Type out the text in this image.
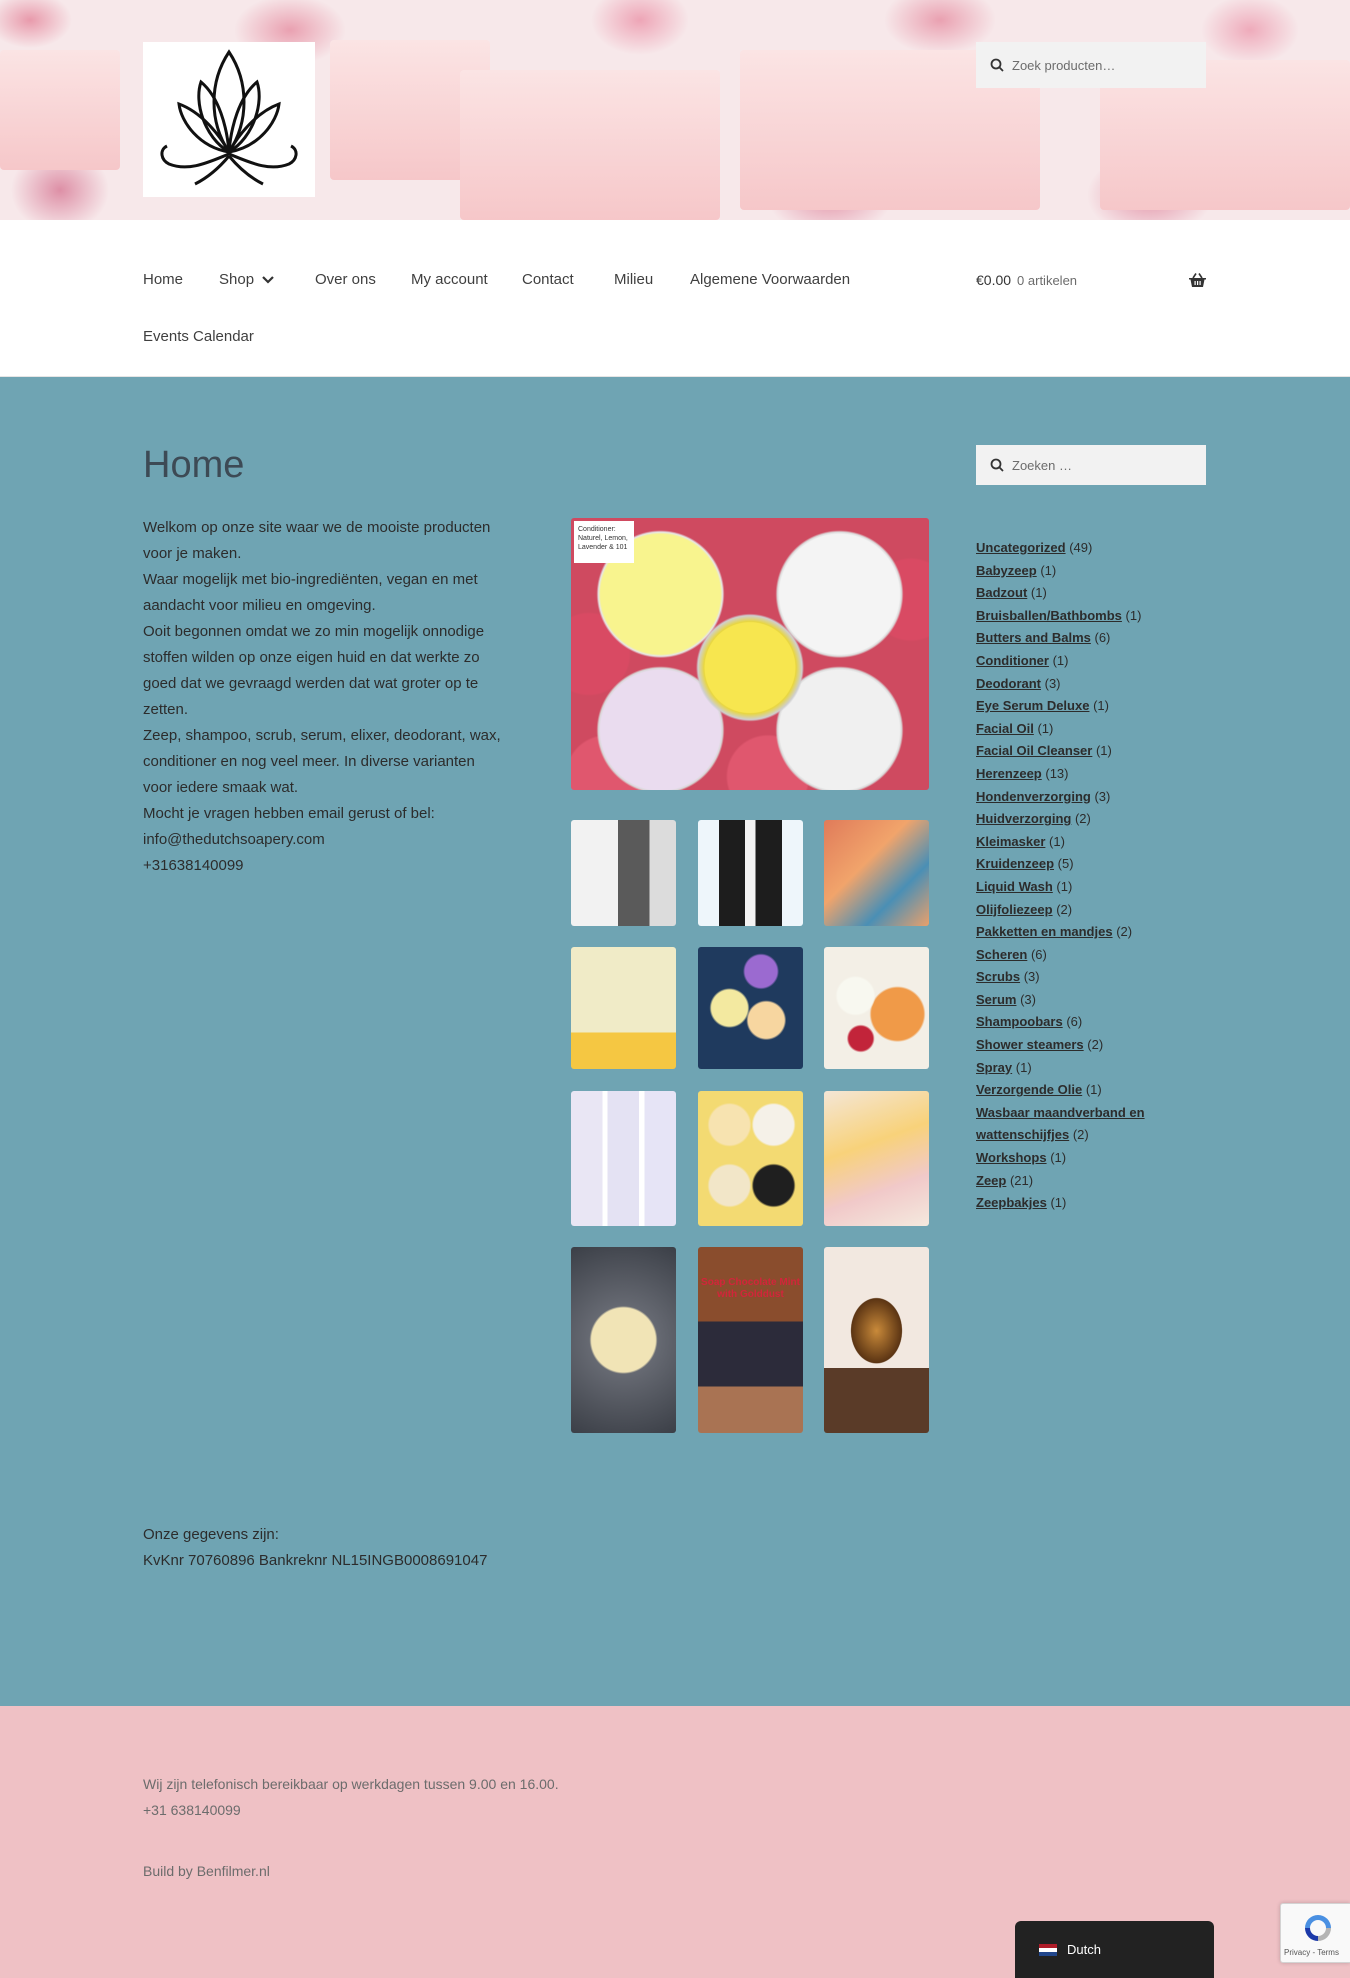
Zoek producten…
Home Shop	Over ons My account Contact	Milieu Algemene Voorwaarden
Events Calendar
€0.00 0 artikelen
Home

Welkom op onze site waar we de mooiste producten voor je maken.

Waar mogelijk met bio-ingrediënten, vegan en met aandacht voor milieu en omgeving.

Ooit begonnen omdat we zo min mogelijk onnodige stoffen wilden op onze eigen huid en dat werkte zo goed dat we gevraagd werden dat wat groter op te zetten.

Zeep, shampoo, scrub, serum, elixer, deodorant, wax, conditioner en nog veel meer. In diverse varianten voor iedere smaak wat.

Mocht je vragen hebben email gerust of bel:

info@thedutchsoapery.com

+31638140099

Conditioner: Naturel, Lemon, Lavender & 101
Soap Chocolate Mint with Golddust

Onze gegevens zijn:

KvKnr 70760896 Bankreknr NL15INGB0008691047

Zoeken …
Uncategorized (49)
Babyzeep (1)
Badzout (1)
Bruisballen/Bathbombs (1)
Butters and Balms (6)
Conditioner (1)
Deodorant (3)
Eye Serum Deluxe (1)
Facial Oil (1)
Facial Oil Cleanser (1)
Herenzeep (13)
Hondenverzorging (3)
Huidverzorging (2)
Kleimasker (1)
Kruidenzeep (5)
Liquid Wash (1)
Olijfoliezeep (2)
Pakketten en mandjes (2)
Scheren (6)
Scrubs (3)
Serum (3)
Shampoobars (6)
Shower steamers (2)
Spray (1)
Verzorgende Olie (1)
Wasbaar maandverband en wattenschijfjes (2)
Workshops (1)
Zeep (21)
Zeepbakjes (1)

Wij zijn telefonisch bereikbaar op werkdagen tussen 9.00 en 16.00.

+31 638140099

Build by Benfilmer.nl

Dutch	Privacy - Terms
